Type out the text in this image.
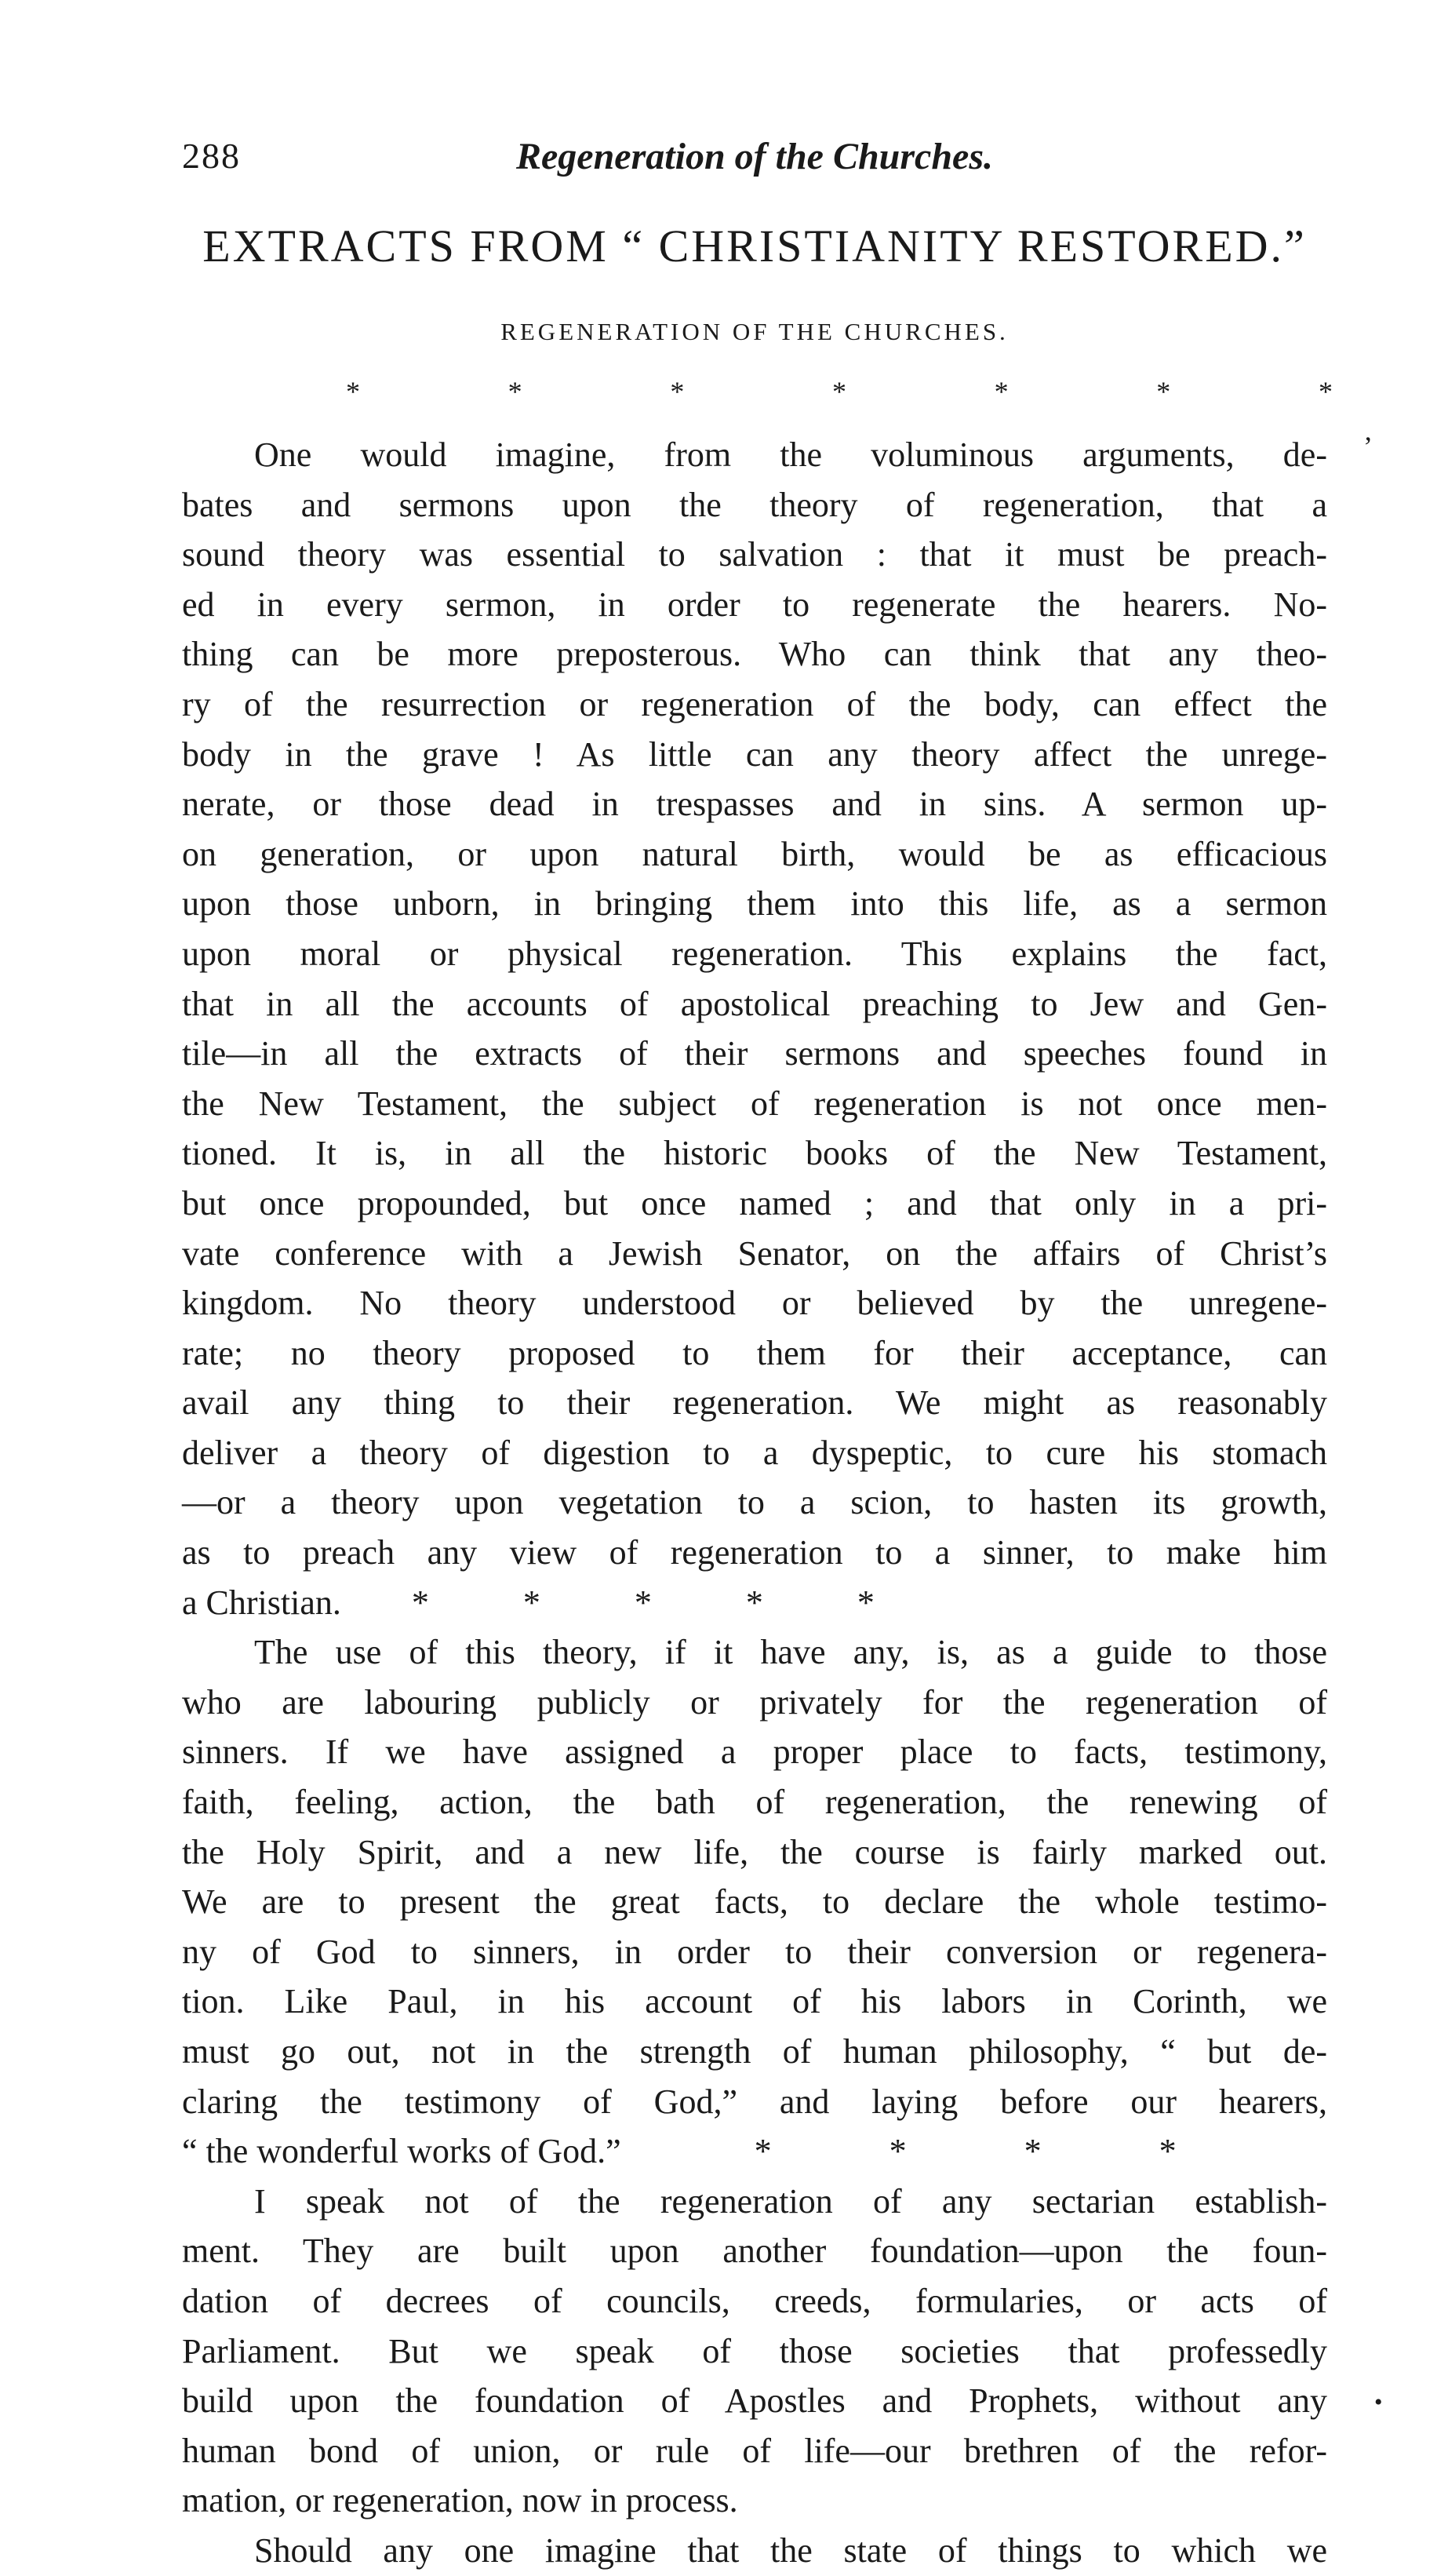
288	Regeneration of the Churches.
EXTRACTS FROM “ CHRISTIANITY RESTORED.”
REGENERATION OF THE CHURCHES.
*	*	*	*	*	*	*
’
One would imagine, from the voluminous arguments, de-
bates and sermons upon the theory of regeneration, that a
sound theory was essential to salvation : that it must be preach-
ed in every sermon, in order to regenerate the hearers. No-
thing can be more preposterous. Who can think that any theo-
ry of the resurrection or regeneration of the body, can effect the
body in the grave ! As little can any theory affect the unrege-
nerate, or those dead in trespasses and in sins. A sermon up-
on generation, or upon natural birth, would be as efficacious
upon those unborn, in bringing them into this life, as a sermon
upon moral or physical regeneration. This explains the fact,
that in all the accounts of apostolical preaching to Jew and Gen-
tile—in all the extracts of their sermons and speeches found in
the New Testament, the subject of regeneration is not once men-
tioned. It is, in all the historic books of the New Testament,
but once propounded, but once named ; and that only in a pri-
vate conference with a Jewish Senator, on the affairs of Christ’s
kingdom. No theory understood or believed by the unregene-
rate; no theory proposed to them for their acceptance, can
avail any thing to their regeneration. We might as reasonably
deliver a theory of digestion to a dyspeptic, to cure his stomach
—or a theory upon vegetation to a scion, to hasten its growth,
as to preach any view of regeneration to a sinner, to make him
a Christian. *	*	*	*	*
The use of this theory, if it have any, is, as a guide to those
who are labouring publicly or privately for the regeneration of
sinners. If we have assigned a proper place to facts, testimony,
faith, feeling, action, the bath of regeneration, the renewing of
the Holy Spirit, and a new life, the course is fairly marked out.
We are to present the great facts, to declare the whole testimo-
ny of God to sinners, in order to their conversion or regenera-
tion. Like Paul, in his account of his labors in Corinth, we
must go out, not in the strength of human philosophy, “ but de-
claring the testimony of God,” and laying before our hearers,
“ the wonderful works of God.”	*	*	*	*
I speak not of the regeneration of any sectarian establish-
ment. They are built upon another foundation—upon the foun-
dation of decrees of councils, creeds, formularies, or acts of
Parliament. But we speak of those societies that professedly
build upon the foundation of Apostles and Prophets, without any
human bond of union, or rule of life—our brethren of the refor-
mation, or regeneration, now in process.
Should any one imagine that the state of things to which we
•
